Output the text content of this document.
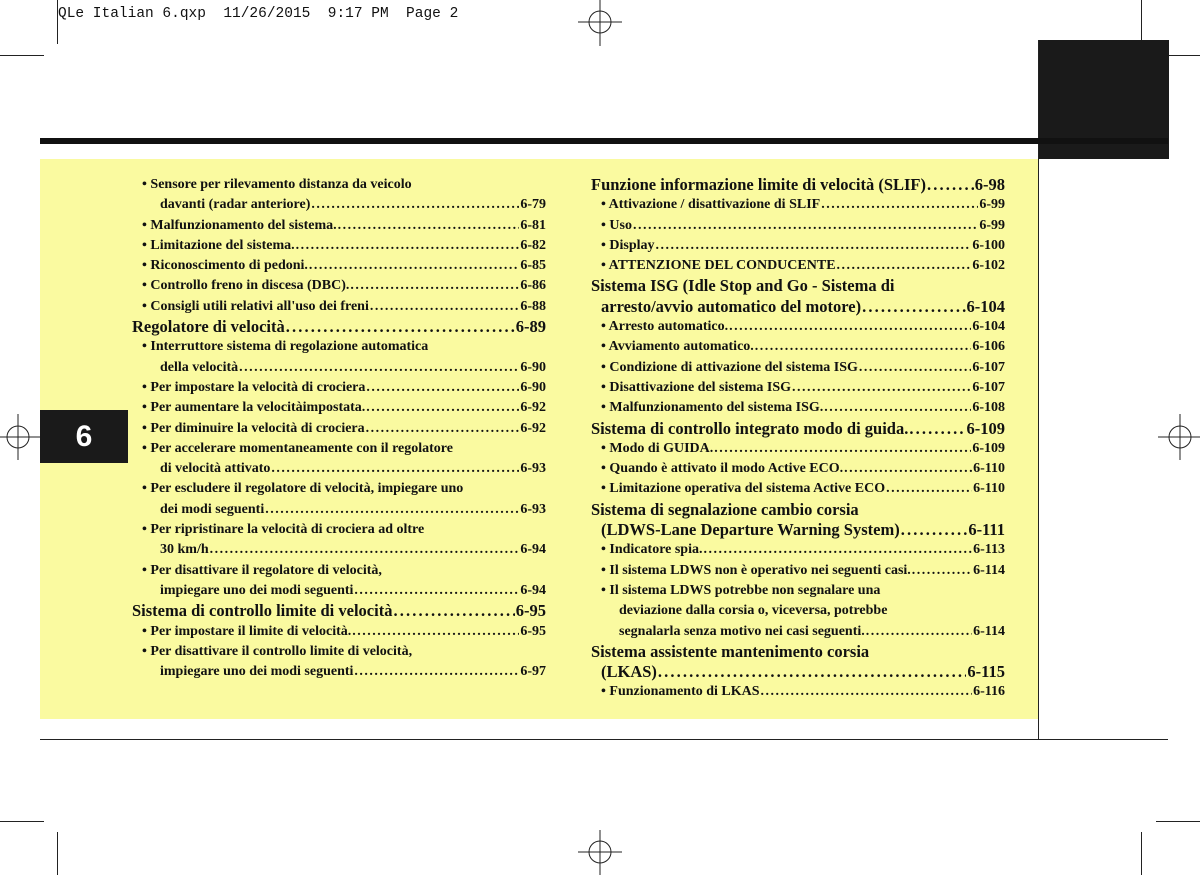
QLe Italian 6.qxp  11/26/2015  9:17 PM  Page 2
6
• Sensore per rilevamento distanza da veicolo
davanti (radar anteriore) . . .	6-79
• Malfunzionamento del sistema. . . .	6-81
• Limitazione del sistema. . . .	6-82
• Riconoscimento di pedoni. . . .	6-85
• Controllo freno in discesa (DBC). . . .	6-86
• Consigli utili relativi all'uso dei freni . . .	6-88
Regolatore di velocità . . .	6-89
• Interruttore sistema di regolazione automatica
della velocità . . .	6-90
• Per impostare la velocità di crociera . . .	6-90
• Per aumentare la velocitàimpostata. . . .	6-92
• Per diminuire la velocità di crociera . . .	6-92
• Per accelerare momentaneamente con il regolatore
di velocità attivato . . .	6-93
• Per escludere il regolatore di velocità, impiegare uno
dei modi seguenti . . .	6-93
• Per ripristinare la velocità di crociera ad oltre
30 km/h . . .	6-94
• Per disattivare il regolatore di velocità,
impiegare uno dei modi seguenti . . .	6-94
Sistema di controllo limite di velocità . . .	6-95
• Per impostare il limite di velocità. . . .	6-95
• Per disattivare il controllo limite di velocità,
impiegare uno dei modi seguenti . . .	6-97
Funzione informazione limite di velocità (SLIF) . . .	6-98
• Attivazione / disattivazione di SLIF . . .	6-99
• Uso . . .	6-99
• Display . . .	6-100
• ATTENZIONE DEL CONDUCENTE . . .	6-102
Sistema ISG (Idle Stop and Go - Sistema di
arresto/avvio automatico del motore) . . .	6-104
• Arresto automatico. . . .	6-104
• Avviamento automatico. . . .	6-106
• Condizione di attivazione del sistema ISG . . .	6-107
• Disattivazione del sistema ISG . . .	6-107
• Malfunzionamento del sistema ISG. . . .	6-108
Sistema di controllo integrato modo di guida. . . .	6-109
• Modo di GUIDA. . . .	6-109
• Quando è attivato il modo Active ECO. . . .	6-110
• Limitazione operativa del sistema Active ECO . . .	6-110
Sistema di segnalazione cambio corsia
(LDWS-Lane Departure Warning System) . . .	6-111
• Indicatore spia. . . .	6-113
• Il sistema LDWS non è operativo nei seguenti casi. . . .	6-114
• Il sistema LDWS potrebbe non segnalare una
deviazione dalla corsia o, viceversa, potrebbe
segnalarla senza motivo nei casi seguenti. . . .	6-114
Sistema assistente mantenimento corsia
(LKAS) . . .	6-115
• Funzionamento di LKAS . . .	6-116
